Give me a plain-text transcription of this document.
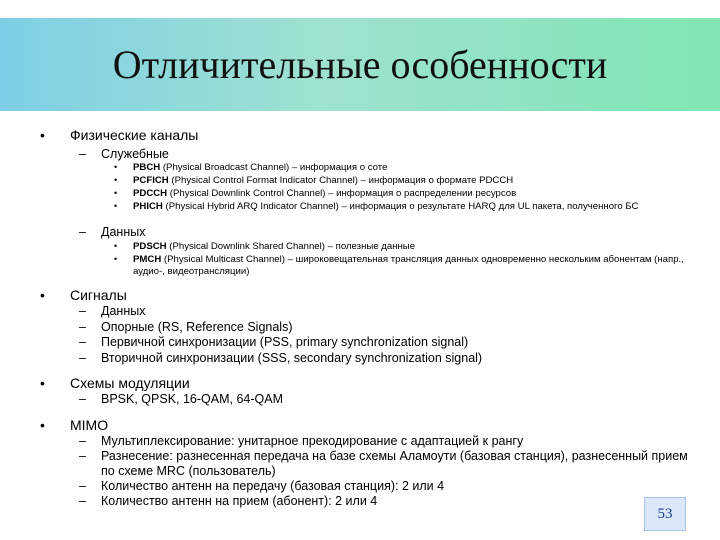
Отличительные особенности
• Физические каналы
– Служебные
• PBCH (Physical Broadcast Channel) – информация о соте
• PCFICH (Physical Control Format Indicator Channel) – информация о формате PDCCH
• PDCCH (Physical Downlink Control Channel) – информация о распределении ресурсов
• PHICH (Physical Hybrid ARQ Indicator Channel) – информация о результате HARQ для UL пакета, полученного БС
– Данных
• PDSCH (Physical Downlink Shared Channel) – полезные данные
• PMCH (Physical Multicast Channel) – широковещательная трансляция данных одновременно нескольким абонентам (напр., аудио-, видеотрансляции)
• Сигналы
– Данных
– Опорные (RS, Reference Signals)
– Первичной синхронизации (PSS, primary synchronization signal)
– Вторичной синхронизации (SSS, secondary synchronization signal)
• Схемы модуляции
– BPSK, QPSK, 16-QAM, 64-QAM
• MIMO
– Мультиплексирование: унитарное прекодирование с адаптацией к рангу
– Разнесение: разнесенная передача на базе схемы Аламоути (базовая станция), разнесенный прием по схеме MRC (пользователь)
– Количество антенн на передачу (базовая станция): 2 или 4
– Количество антенн на прием (абонент): 2 или 4
53
